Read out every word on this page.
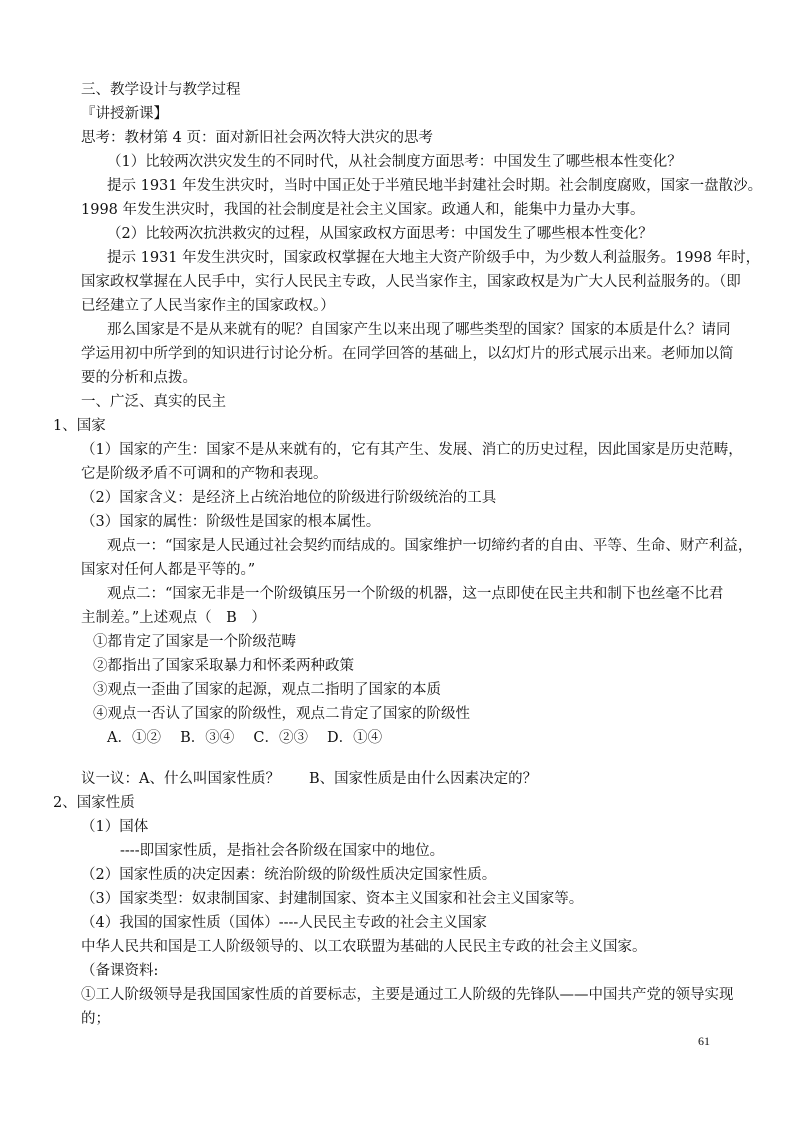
三、教学设计与教学过程
『讲授新课】
思考：教材第 4 页：面对新旧社会两次特大洪灾的思考
（1）比较两次洪灾发生的不同时代，从社会制度方面思考：中国发生了哪些根本性变化？
提示 1931 年发生洪灾时，当时中国正处于半殖民地半封建社会时期。社会制度腐败，国家一盘散沙。
1998 年发生洪灾时，我国的社会制度是社会主义国家。政通人和，能集中力量办大事。
（2）比较两次抗洪救灾的过程，从国家政权方面思考：中国发生了哪些根本性变化？
提示 1931 年发生洪灾时，国家政权掌握在大地主大资产阶级手中，为少数人利益服务。1998 年时，
国家政权掌握在人民手中，实行人民民主专政，人民当家作主，国家政权是为广大人民利益服务的。（即
已经建立了人民当家作主的国家政权。）
那么国家是不是从来就有的呢？自国家产生以来出现了哪些类型的国家？国家的本质是什么？请同
学运用初中所学到的知识进行讨论分析。在同学回答的基础上，以幻灯片的形式展示出来。老师加以简
要的分析和点拨。
一、广泛、真实的民主
1、国家
（1）国家的产生：国家不是从来就有的，它有其产生、发展、消亡的历史过程，因此国家是历史范畴，
它是阶级矛盾不可调和的产物和表现。
（2）国家含义：是经济上占统治地位的阶级进行阶级统治的工具
（3）国家的属性：阶级性是国家的根本属性。
观点一：“国家是人民通过社会契约而结成的。国家维护一切缔约者的自由、平等、生命、财产利益，
国家对任何人都是平等的。”
观点二：“国家无非是一个阶级镇压另一个阶级的机器，这一点即使在民主共和制下也丝毫不比君
主制差。”上述观点（　B　）
①都肯定了国家是一个阶级范畴
②都指出了国家采取暴力和怀柔两种政策
③观点一歪曲了国家的起源，观点二指明了国家的本质
④观点一否认了国家的阶级性，观点二肯定了国家的阶级性
A．①②　 B．③④　 C．②③　 D．①④
议一议：A、什么叫国家性质？　　B、国家性质是由什么因素决定的？
2、国家性质
（1）国体
----即国家性质，是指社会各阶级在国家中的地位。
（2）国家性质的决定因素：统治阶级的阶级性质决定国家性质。
（3）国家类型：奴隶制国家、封建制国家、资本主义国家和社会主义国家等。
（4）我国的国家性质（国体）----人民民主专政的社会主义国家
中华人民共和国是工人阶级领导的、以工农联盟为基础的人民民主专政的社会主义国家。
（备课资料:
①工人阶级领导是我国国家性质的首要标志，主要是通过工人阶级的先锋队——中国共产党的领导实现
的；
61
